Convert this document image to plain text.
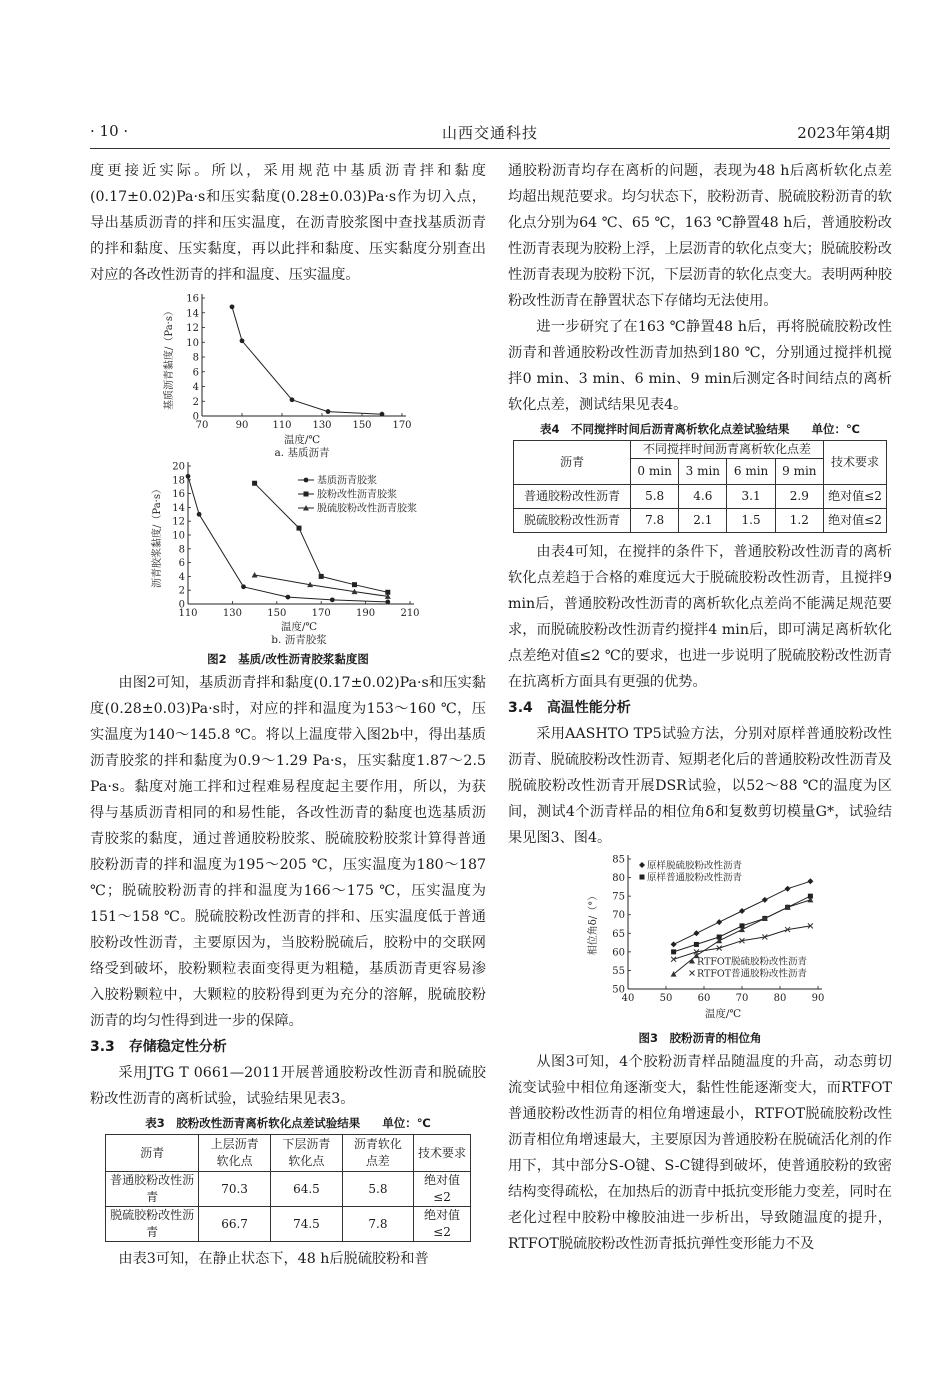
· 10 ·	山西交通科技	2023年第4期

度更接近实际。所以，采用规范中基质沥青拌和黏度(0.17±0.02)Pa·s和压实黏度(0.28±0.03)Pa·s作为切入点，导出基质沥青的拌和压实温度，在沥青胶浆图中查找基质沥青的拌和黏度、压实黏度，再以此拌和黏度、压实黏度分别查出对应的各改性沥青的拌和温度、压实温度。

0
2
4
6
8
10
12
14
16
70	90 110 130 150 170
温度/℃
a. 基质沥青
基质沥青黏度/（Pa·s）
0
2
4
6
8
10
12
14
16
18
20
110	130	150	170	190	210
温度/℃
b. 沥青胶浆
沥青胶浆黏度/（Pa·s）
基质沥青胶浆
胶粉改性沥青胶浆
脱硫胶粉改性沥青胶浆
图2　基质/改性沥青胶浆黏度图

由图2可知，基质沥青拌和黏度(0.17±0.02)Pa·s和压实黏度(0.28±0.03)Pa·s时，对应的拌和温度为153～160 ℃，压实温度为140～145.8 ℃。将以上温度带入图2b中，得出基质沥青胶浆的拌和黏度为0.9～1.29 Pa·s，压实黏度1.87～2.5 Pa·s。黏度对施工拌和过程难易程度起主要作用，所以，为获得与基质沥青相同的和易性能，各改性沥青的黏度也选基质沥青胶浆的黏度，通过普通胶粉胶浆、脱硫胶粉胶浆计算得普通胶粉沥青的拌和温度为195～205 ℃，压实温度为180～187 ℃；脱硫胶粉沥青的拌和温度为166～175 ℃，压实温度为151～158 ℃。脱硫胶粉改性沥青的拌和、压实温度低于普通胶粉改性沥青，主要原因为，当胶粉脱硫后，胶粉中的交联网络受到破坏，胶粉颗粒表面变得更为粗糙，基质沥青更容易渗入胶粉颗粒中，大颗粒的胶粉得到更为充分的溶解，脱硫胶粉沥青的均匀性得到进一步的保障。

3.3 存储稳定性分析

采用JTG T 0661—2011开展普通胶粉改性沥青和脱硫胶粉改性沥青的离析试验，试验结果见表3。

表3　胶粉改性沥青离析软化点差试验结果 单位：℃
沥青	上层沥青软化点	下层沥青软化点	沥青软化点差	技术要求
普通胶粉改性沥青	70.3	64.5	5.8	绝对值≤2
脱硫胶粉改性沥青	66.7	74.5	7.8	绝对值≤2

由表3可知，在静止状态下，48 h后脱硫胶粉和普

通胶粉沥青均存在离析的问题，表现为48 h后离析软化点差均超出规范要求。均匀状态下，胶粉沥青、脱硫胶粉沥青的软化点分别为64 ℃、65 ℃，163 ℃静置48 h后，普通胶粉改性沥青表现为胶粉上浮，上层沥青的软化点变大；脱硫胶粉改性沥青表现为胶粉下沉，下层沥青的软化点变大。表明两种胶粉改性沥青在静置状态下存储均无法使用。

进一步研究了在163 ℃静置48 h后，再将脱硫胶粉改性沥青和普通胶粉改性沥青加热到180 ℃，分别通过搅拌机搅拌0 min、3 min、6 min、9 min后测定各时间结点的离析软化点差，测试结果见表4。

表4　不同搅拌时间后沥青离析软化点差试验结果 单位：℃
沥青	不同搅拌时间沥青离析软化点差				技术要求
	0 min	3 min	6 min	9 min	
普通胶粉改性沥青	5.8	4.6	3.1	2.9	绝对值≤2
脱硫胶粉改性沥青	7.8	2.1	1.5	1.2	绝对值≤2

由表4可知，在搅拌的条件下，普通胶粉改性沥青的离析软化点差趋于合格的难度远大于脱硫胶粉改性沥青，且搅拌9 min后，普通胶粉改性沥青的离析软化点差尚不能满足规范要求，而脱硫胶粉改性沥青约搅拌4 min后，即可满足离析软化点差绝对值≤2 ℃的要求，也进一步说明了脱硫胶粉改性沥青在抗离析方面具有更强的优势。

3.4 高温性能分析

采用AASHTO TP5试验方法，分别对原样普通胶粉改性沥青、脱硫胶粉改性沥青、短期老化后的普通胶粉改性沥青及脱硫胶粉改性沥青开展DSR试验，以52～88 ℃的温度为区间，测试4个沥青样品的相位角δ和复数剪切模量G*，试验结果见图3、图4。

50
55
60
65
70
75
80
85
40	50	60	70	80	90
温度/℃
相位角δ/（°）
原样脱硫胶粉改性沥青
原样普通胶粉改性沥青
RTFOT脱硫胶粉改性沥青
RTFOT普通胶粉改性沥青
图3　胶粉沥青的相位角

从图3可知，4个胶粉沥青样品随温度的升高，动态剪切流变试验中相位角逐渐变大，黏性性能逐渐变大，而RTFOT普通胶粉改性沥青的相位角增速最小，RTFOT脱硫胶粉改性沥青相位角增速最大，主要原因为普通胶粉在脱硫活化剂的作用下，其中部分S-O键、S-C键得到破坏，使普通胶粉的致密结构变得疏松，在加热后的沥青中抵抗变形能力变差，同时在老化过程中胶粉中橡胶油进一步析出，导致随温度的提升，RTFOT脱硫胶粉改性沥青抵抗弹性变形能力不及
